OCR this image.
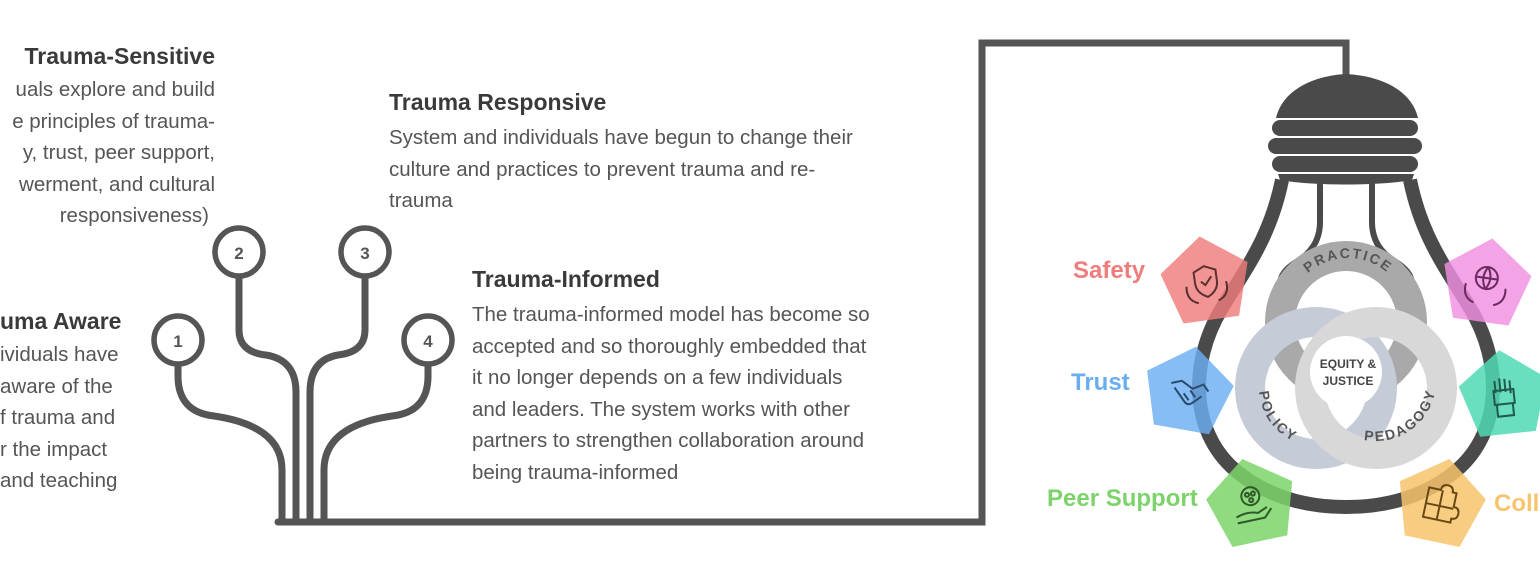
1
2	3
4
PRACTICE
POLICY	PEDAGOGY
EQUITY &
JUSTICE
Trauma-Sensitive
uals explore and build
e principles of trauma-
y, trust, peer support,
werment, and cultural
responsiveness)
Trauma Responsive
System and individuals have begun to change their
culture and practices to prevent trauma and re-
trauma
Trauma-Informed
The trauma-informed model has become so
accepted and so thoroughly embedded that
it no longer depends on a few individuals
and leaders. The system works with other
partners to strengthen collaboration around
being trauma-informed
uma Aware
ividuals have
aware of the
f trauma and
r the impact
and teaching
Safety
Trust
Peer Support	Coll
